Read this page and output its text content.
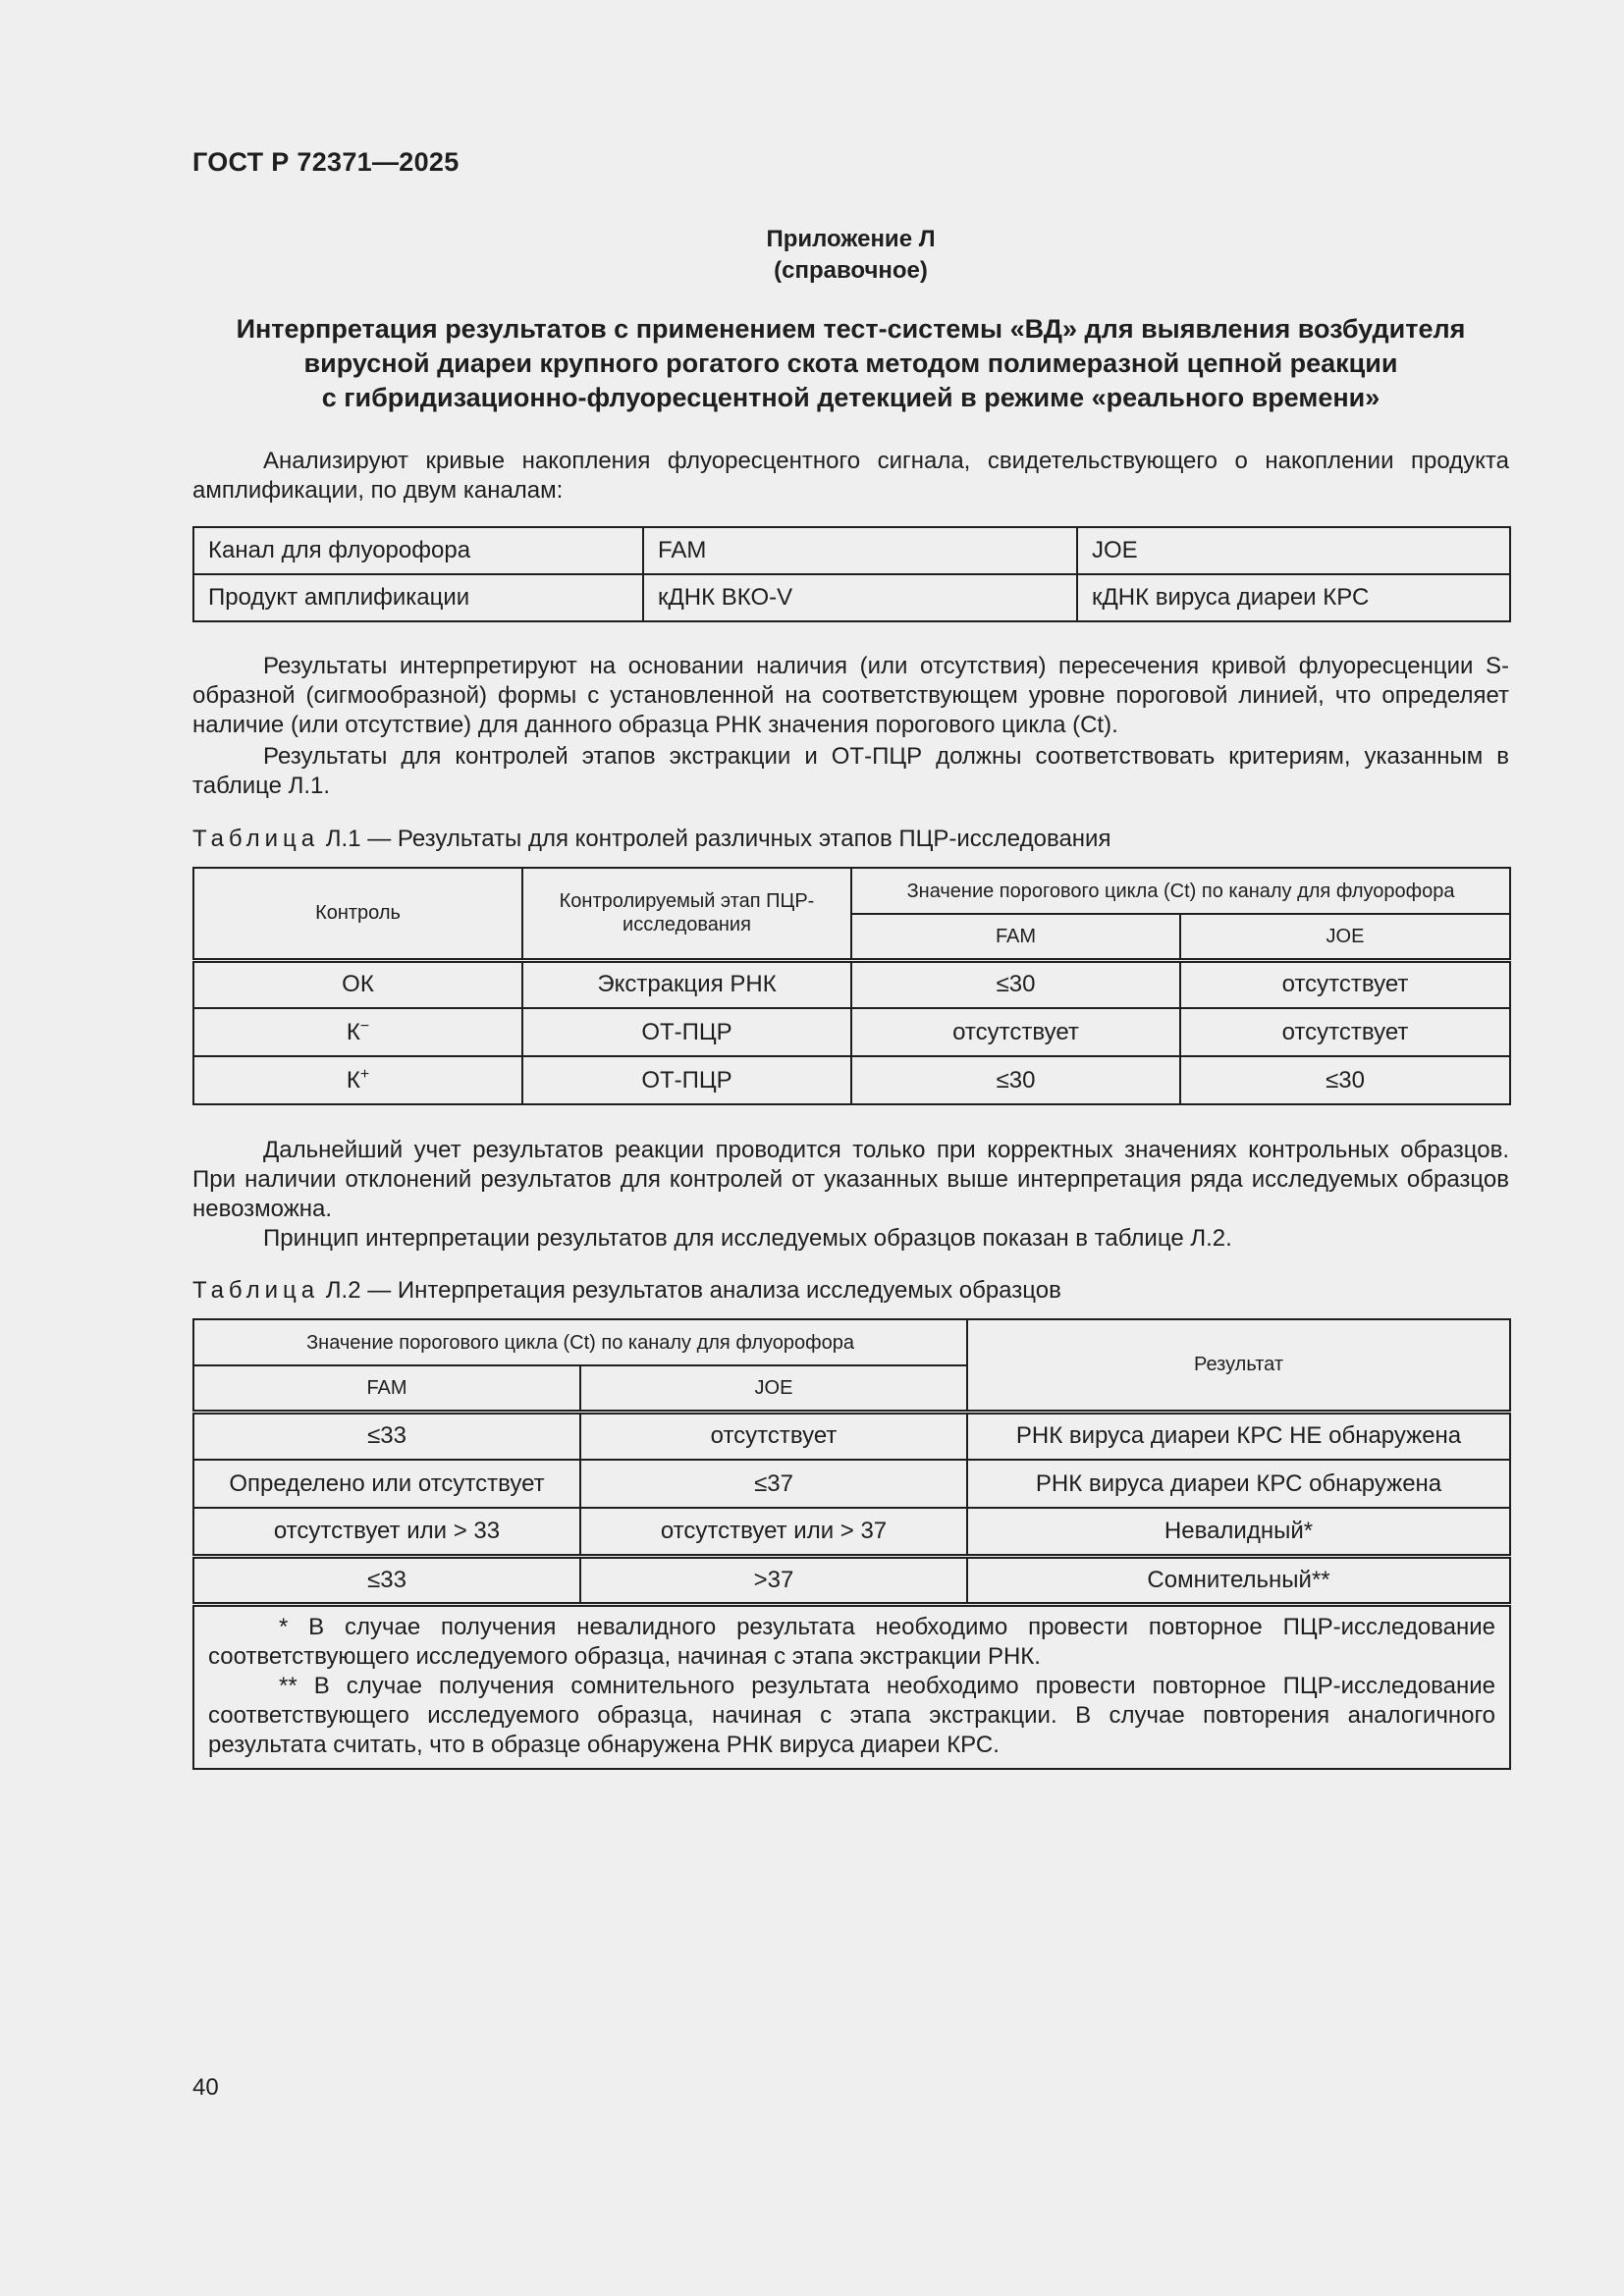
ГОСТ Р 72371—2025
Приложение Л
(справочное)
Интерпретация результатов с применением тест-системы «ВД» для выявления возбудителя
вирусной диареи крупного рогатого скота методом полимеразной цепной реакции
с гибридизационно-флуоресцентной детекцией в режиме «реального времени»

Анализируют кривые накопления флуоресцентного сигнала, свидетельствующего о накоплении продукта амплификации, по двум каналам:

Канал для флуорофора	FAM	JOE
Продукт амплификации	кДНК ВКО-V	кДНК вируса диареи КРС

Результаты интерпретируют на основании наличия (или отсутствия) пересечения кривой флуоресценции S-образной (сигмообразной) формы с установленной на соответствующем уровне пороговой линией, что определяет наличие (или отсутствие) для данного образца РНК значения порогового цикла (Ct).

Результаты для контролей этапов экстракции и ОТ-ПЦР должны соответствовать критериям, указанным в таблице Л.1.

Таблица Л.1 — Результаты для контролей различных этапов ПЦР-исследования
Контроль	Контролируемый этап ПЦР-исследования	Значение порогового цикла (Ct) по каналу для флуорофора	
		FAM	JOE
ОК	Экстракция РНК	≤30	отсутствует
К−	ОТ-ПЦР	отсутствует	отсутствует
К+	ОТ-ПЦР	≤30	≤30

Дальнейший учет результатов реакции проводится только при корректных значениях контрольных образцов. При наличии отклонений результатов для контролей от указанных выше интерпретация ряда исследуемых образцов невозможна.

Принцип интерпретации результатов для исследуемых образцов показан в таблице Л.2.

Таблица Л.2 — Интерпретация результатов анализа исследуемых образцов
Значение порогового цикла (Ct) по каналу для флуорофора		Результат
FAM	JOE	
≤33	отсутствует	РНК вируса диареи КРС НЕ обнаружена
Определено или отсутствует	≤37	РНК вируса диареи КРС обнаружена
отсутствует или > 33	отсутствует или > 37	Невалидный*
≤33	>37	Сомнительный**

* В случае получения невалидного результата необходимо провести повторное ПЦР-исследование соответствующего исследуемого образца, начиная с этапа экстракции РНК.

** В случае получения сомнительного результата необходимо провести повторное ПЦР-исследование соответствующего исследуемого образца, начиная с этапа экстракции. В случае повторения аналогичного результата считать, что в образце обнаружена РНК вируса диареи КРС.		

40
